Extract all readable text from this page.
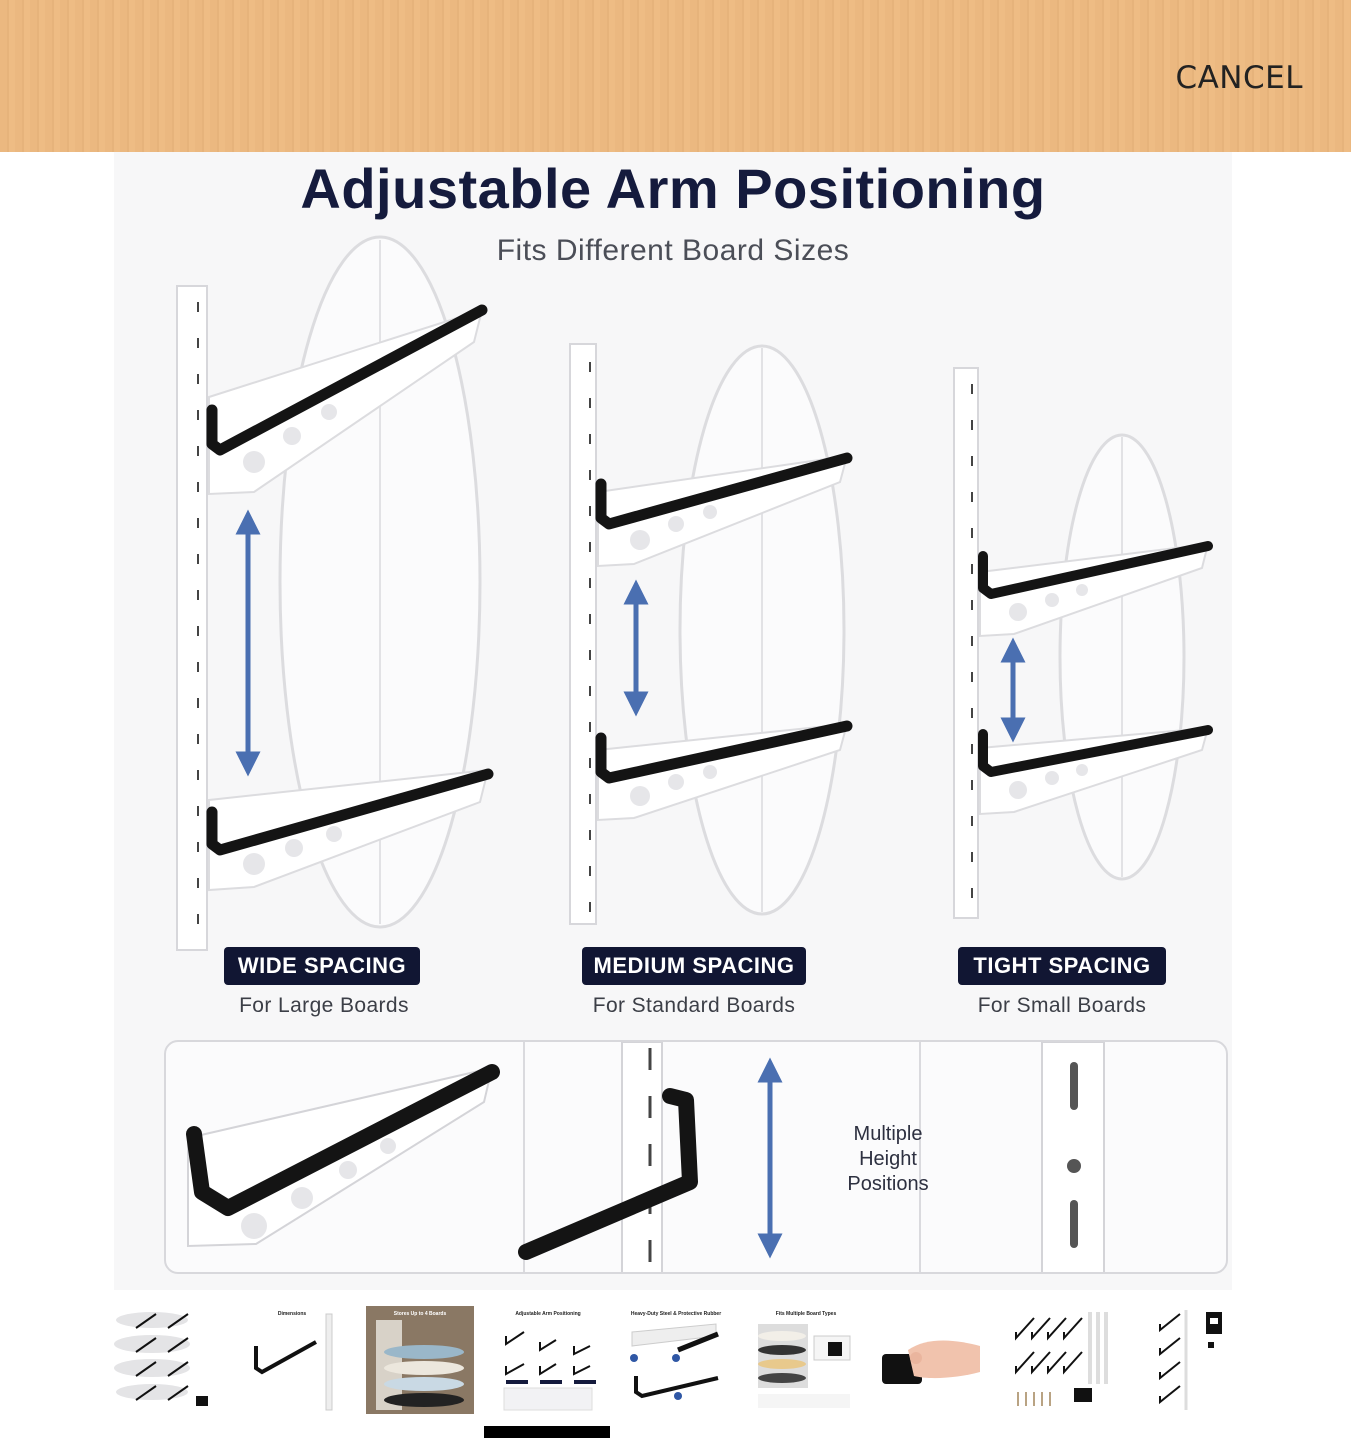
CANCEL
Adjustable Arm Positioning
Fits Different Board Sizes
WIDE SPACING
For Large Boards
MEDIUM SPACING
For Standard Boards
TIGHT SPACING
For Small Boards
Multiple
Height
Positions
Dimensions	Stores Up to 4 Boards	Adjustable Arm Positioning	Heavy-Duty Steel & Protective Rubber	Fits Multiple Board Types
